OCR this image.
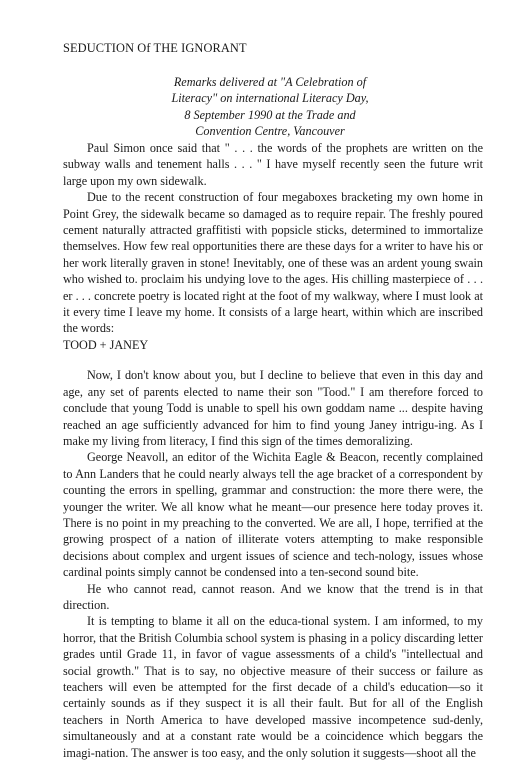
SEDUCTION Of THE IGNORANT
Remarks delivered at "A Celebration of
Literacy" on international Literacy Day,
8 September 1990 at the Trade and
Convention Centre, Vancouver

Paul Simon once said that " . . . the words of the prophets are written on the subway walls and tenement halls . . . " I have myself recently seen the future writ large upon my own sidewalk.

Due to the recent construction of four megaboxes bracketing my own home in Point Grey, the sidewalk became so damaged as to require repair. The freshly poured cement naturally attracted graffitisti with popsicle sticks, determined to immortalize themselves. How few real opportunities there are these days for a writer to have his or her work literally graven in stone! Inevitably, one of these was an ardent young swain who wished to. proclaim his undying love to the ages. His chilling masterpiece of . . . er . . . concrete poetry is located right at the foot of my walkway, where I must look at it every time I leave my home. It consists of a large heart, within which are inscribed the words:

TOOD + JANEY

Now, I don't know about you, but I decline to believe that even in this day and age, any set of parents elected to name their son "Tood." I am therefore forced to conclude that young Todd is unable to spell his own goddam name ... despite having reached an age sufficiently advanced for him to find young Janey intrigu-ing. As I make my living from literacy, I find this sign of the times demoralizing.

George Neavoll, an editor of the Wichita Eagle & Beacon, recently complained to Ann Landers that he could nearly always tell the age bracket of a correspondent by counting the errors in spelling, grammar and construction: the more there were, the younger the writer. We all know what he meant—our presence here today proves it. There is no point in my preaching to the converted. We are all, I hope, terrified at the growing prospect of a nation of illiterate voters attempting to make responsible decisions about complex and urgent issues of science and tech-nology, issues whose cardinal points simply cannot be condensed into a ten-second sound bite.

He who cannot read, cannot reason. And we know that the trend is in that direction.

It is tempting to blame it all on the educa-tional system. I am informed, to my horror, that the British Columbia school system is phasing in a policy discarding letter grades until Grade 11, in favor of vague assessments of a child's "intellectual and social growth." That is to say, no objective measure of their success or failure as teachers will even be attempted for the first decade of a child's education—so it certainly sounds as if they suspect it is all their fault. But for all of the English teachers in North America to have developed massive incompetence sud-denly, simultaneously and at a constant rate would be a coincidence which beggars the imagi-nation. The answer is too easy, and the only solution it suggests—shoot all the
